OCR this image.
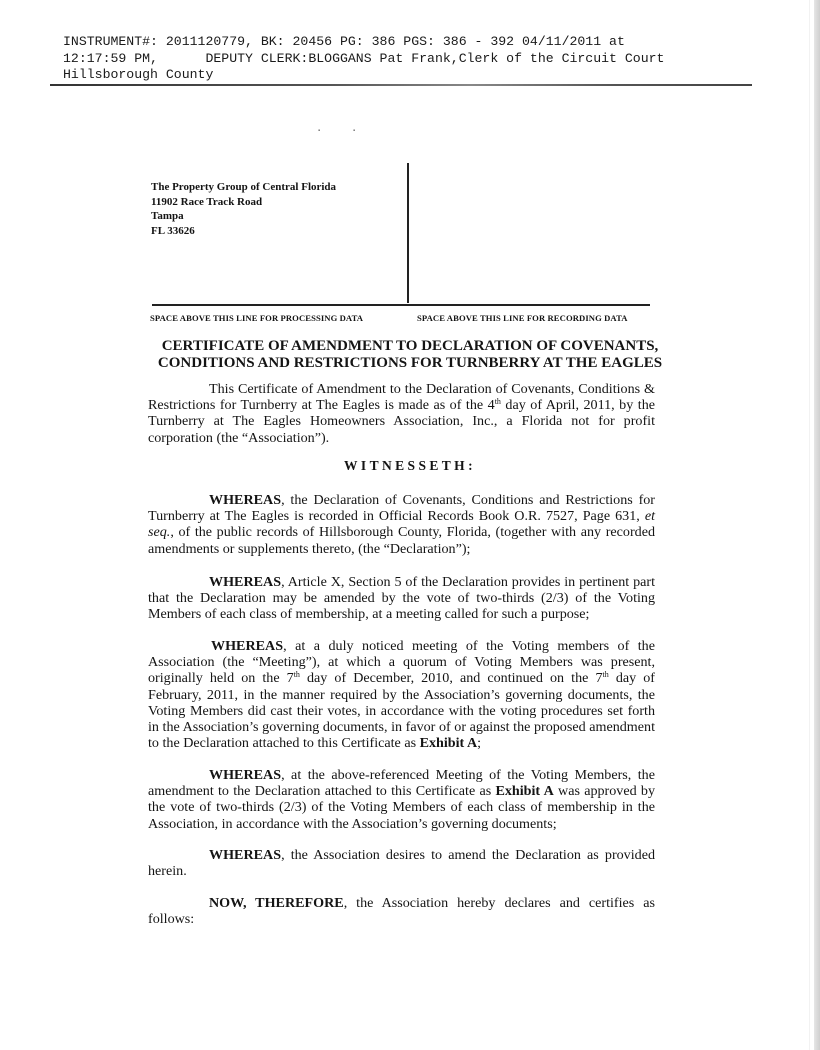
INSTRUMENT#: 2011120779, BK: 20456 PG: 386 PGS: 386 - 392 04/11/2011 at
12:17:59 PM,      DEPUTY CLERK:BLOGGANS Pat Frank,Clerk of the Circuit Court
Hillsborough County
▪	▪
The Property Group of Central Florida
11902 Race Track Road
Tampa
FL 33626
SPACE ABOVE THIS LINE FOR PROCESSING DATA	SPACE ABOVE THIS LINE FOR RECORDING DATA
CERTIFICATE OF AMENDMENT TO DECLARATION OF COVENANTS,
CONDITIONS AND RESTRICTIONS FOR TURNBERRY AT THE EAGLES
This Certificate of Amendment to the Declaration of Covenants, Conditions & Restrictions for Turnberry at The Eagles is made as of the 4th day of April, 2011, by the Turnberry at The Eagles Homeowners Association, Inc., a Florida not for profit corporation (the “Association”).
WITNESSETH:
WHEREAS, the Declaration of Covenants, Conditions and Restrictions for Turnberry at The Eagles is recorded in Official Records Book O.R. 7527, Page 631, et seq., of the public records of Hillsborough County, Florida, (together with any recorded amendments or supplements thereto, (the “Declaration”);
WHEREAS, Article X, Section 5 of the Declaration provides in pertinent part that the Declaration may be amended by the vote of two-thirds (2/3) of the Voting Members of each class of membership, at a meeting called for such a purpose;
WHEREAS, at a duly noticed meeting of the Voting members of the Association (the “Meeting”), at which a quorum of Voting Members was present, originally held on the 7th day of December, 2010, and continued on the 7th day of February, 2011, in the manner required by the Association’s governing documents, the Voting Members did cast their votes, in accordance with the voting procedures set forth in the Association’s governing documents, in favor of or against the proposed amendment to the Declaration attached to this Certificate as Exhibit A;
WHEREAS, at the above-referenced Meeting of the Voting Members, the amendment to the Declaration attached to this Certificate as Exhibit A was approved by the vote of two-thirds (2/3) of the Voting Members of each class of membership in the Association, in accordance with the Association’s governing documents;
WHEREAS, the Association desires to amend the Declaration as provided herein.
NOW, THEREFORE, the Association hereby declares and certifies as follows:
